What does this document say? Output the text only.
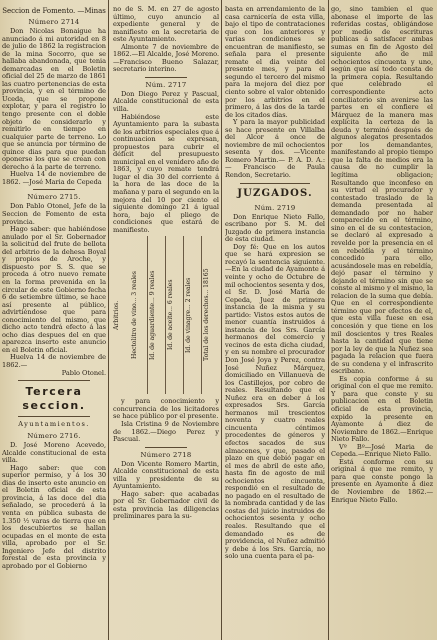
Seccion de Fomento. —Minas
Número 2714

Don Nicolas Bonaigue ha anunciado á mi autoridad en 8 de julio de 1862 la registracion de la mina Socorro, que se hallaba abandonada, que tenia demarcadas en el Boletin oficial del 25 de marzo de 1861 las cuatro pertenencias de esta provincia, y en el término de Uceda, que se propone explotar, y para el registro lo tengo presente con el doble objeto de considerarlo y remitirlo en tiempo en cualquier parte de terreno. Lo que se anuncia por término de quince dias para que puedan oponerse los que se crean con derecho á la parte de terreno.

Huelva 14 de noviembre de 1862. —José Maria de Cepeda

Número 2715.

Don Pablo Otonel, Jefe de la Seccion de Fomento de esta provincia.

Hago saber: que habiéndose anulado por el Sr. Gobernador la solicitud del frute de bellota del arbitrio de la dehesa Boyal y propios de Aroche, y dispuesto por S. S. que se proceda á otro nuevo remate en la forma prevenida en la circular de este Gobierno fecha 6 de setiembre último, se hace así presente al público, advirtiéndose que para conocimiento del mismo, que dicho acto tendrá efecto á las ocho dias despues del en que aparezca inserto este anuncio en el Boletin oficial.

Huelva 14 de noviembre de 1862.—

Pablo Otonel.

Tercera seccion.
Ayuntamientos.
Número 2716.

D. José Moreno Acevedo, Alcalde constitucional de esta villa.

Hago saber: que con superior permiso, y á los 30 dias de inserto este anuncio en el Boletin oficial de esta provincia, á las doce del dia señalado, se procederá á la venta en pública subasta de 1.350 ½ varas de tierra que en los descubiertos se hallan ocupadas en el monte de esta villa, aprobado por el Sr. Ingeniero Jefe del distrito forestal de esta provincia y aprobado por el Gobierno

no de S. M. en 27 de agosto último, cuyo anuncio al expediente general y de manifiesto en la secretaria de este Ayuntamiento.

Almonte 7 de noviembre de 1862.—El Alcalde, José Moreno.—Francisco Bueno Salazar, secretario interino.

Núm. 2717

Don Diego Perez y Pascual, Alcalde constitucional de esta villa.

Habiéndose este Ayuntamiento para la subasta de los arbitrios especiales que á continuacion se expresan, propuestos para cubrir el déficit del presupuesto municipal en el venidero año de 1863, y cuyo remate tendrá lugar el dia 30 del corriente á la hora de las doce de la mañana y para el segundo en la mejora del 10 por ciento el siguiente domingo 21 á igual hora, bajo el pliego de condiciones que estará de manifiesto.

Arbitrios.	Hectolitro de vino... 3 reales	Id. de aguardiente... 9 reales	Id. de aceite... 6 reales	Id. de vinagre... 2 reales	Total de los derechos... 18165

y para conocimiento y concurrencia de los licitadores se hace público por el presente.

Isla Cristina 9 de Noviembre de 1862.—Diego Perez y Pascual.

Número 2718

Don Vicente Romero Martin, Alcalde constitucional de esta villa y presidente de su Ayuntamiento.

Hago saber: que acabadas por el Sr. Gobernador civil de esta provincia las diligencias preliminares para la su-

basta en arrendamiento de la casa carnicería de esta villa, bajo el tipo de contrataciones que con los anteriores y varias condiciones se encuentran de manifiesto, se señala para el presente remate el dia veinte del presente mes, y para el segundo el tercero del mismo para la mejora del diez por ciento sobre el valor obtenido por los arbitrios en el primero, á las dos de la tarde de los citados días.

Y para la mayor publicidad se hace presente en Villalba del Alcor á once de noviembre de mil ochocientos sesenta y dos. —Vicente Romero Martin.— P. A. D. A.:— Francisco de Paula Rendon, Secretario.

JUZGADOS.
Núm. 2719

Don Enrique Nieto Fallo, escribano por S. M. del Juzgado de primera instancia de esta ciudad.

Doy fé: Que en los autos que se hará expresion se recayó la sentencia siguiente.—En la ciudad de Ayamonte á veinte y ocho de Octubre de mil ochocientos sesenta y dos, el Sr. D. José Maria de Cepeda, Juez de primera instancia de la misma y su partido: Vistos estos autos de menor cuantía instruidos á instancia de los Srs. García hermanos del comercio y vecinos de esta dicha ciudad, y en su nombre el procurador Don José Joya y Perez, contra José Nuñez Márquez, domiciliado en Villanueva de los Castillejos, por cobro de reales. Resultando que el Nuñez era en deber á los expresados Srs. García hermanos mil trescientos noventa y cuatro reales cincuenta céntimos procedentes de géneros y efectos sacados de sus almacenes, y que, pasado el plazo en que debió pagar en el mes de abril de este año, hasta fin de agosto de mil ochocientos cincuenta, respondió en el resultado de no pagado en el resultado de la nombrada cantidad y de las costas del juicio instruidos de ochocientos sesenta y ocho reales. Resultando que el demandado es de providencia, el Nuñez admitió y debe á los Srs. García, no solo una cuenta para el pa-

go, sino tambien el que abonase el importe de las referidas costas, obligándose por medio de escrituras publicas á satisfacer ambas sumas en fin de Agosto del siguiente año de mil ochocientos cincuenta y uno, según que así todo consta de la primera copia. Resultando que celebrado el correspondiente acto conciliatorio sin avenirse las partes en el confiere el Márquez de la manera mas explícita la certeza de la deuda y terminó después de algunos alegatos presentados por los demandantes, manifestando al propio tiempo que la falta de medios era la causa de no cumplir la legítima obligacion; Resultando que inconfeso en su virtud el procurador y contestado traslado de la demanda presentada al demandado por no haber comparecido en el término, sino en el de su contestacion, se declaró al expresado a revelde por la presencia en el en rebeldía y el término concedido para ello, acusándosele mas en rebeldía, dejó pasar el término y dejando el término sin que se conste al mismo y el mismo, la relacion de la suma que debía. Que en el correspondiente término que por efectos de el, que esta villa fuese en esa concesión y que tiene en los mil doscientos y tres Reales hasta la cantidad que tiene por la ley de que la Nuñez sea pagada la relacion que fuera de su condena y el infrascrito escribano.

Es copia conforme á su original con el que me remito. Y para que conste y su publicacion en el Boletin oficial de esta provincia, expido la presente en Ayamonte á diez de Noviembre de 1862.—Enrique Nieto Fallo.

Vº Bº—José Maria de Cepeda.—Enrique Nieto Fallo.

Está conforme con su original á que me remito, y para que conste pongo la presente en Ayamonte á diez de Noviembre de 1862.—Enrique Nieto Fallo.
